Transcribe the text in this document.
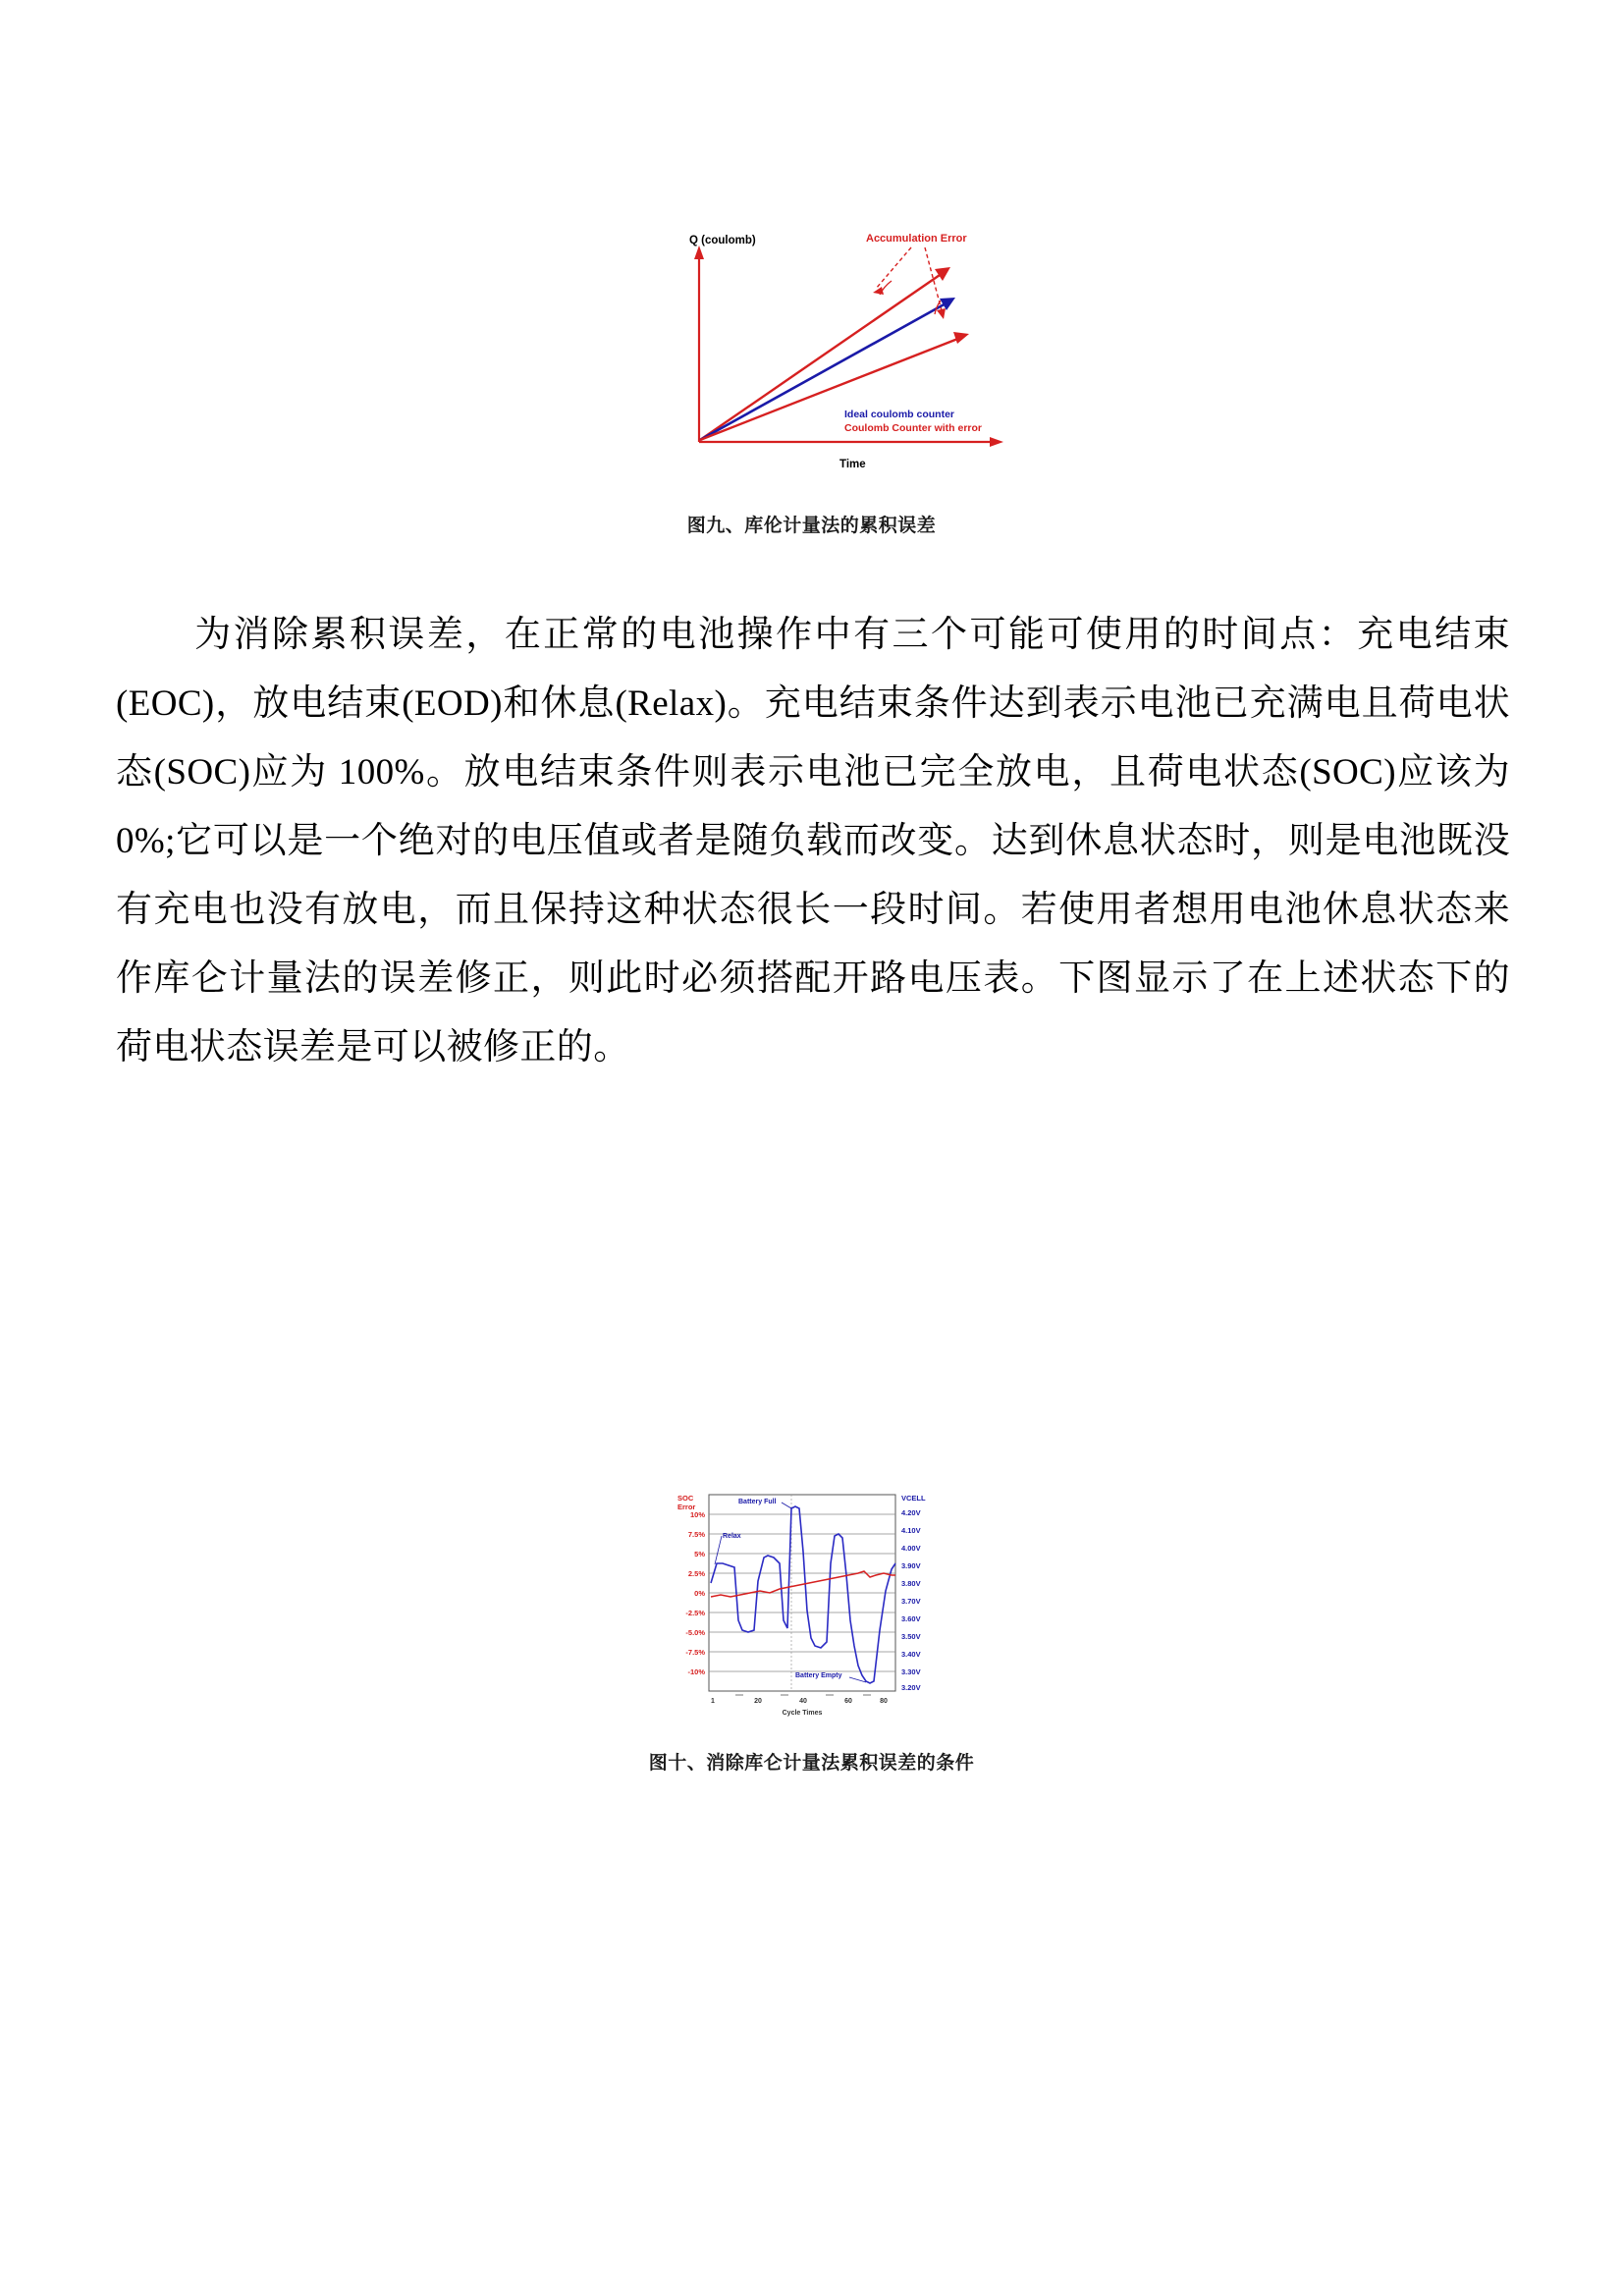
Accumulation Error
Q (coulomb)
Time
Ideal coulomb counter
Coulomb Counter with error
图九、库伦计量法的累积误差
为消除累积误差，在正常的电池操作中有三个可能可使用的时间点：充电结束(EOC)，放电结束(EOD)和休息(Relax)。充电结束条件达到表示电池已充满电且荷电状态(SOC)应为 100%。放电结束条件则表示电池已完全放电，且荷电状态(SOC)应该为 0%;它可以是一个绝对的电压值或者是随负载而改变。达到休息状态时，则是电池既没有充电也没有放电，而且保持这种状态很长一段时间。若使用者想用电池休息状态来作库仑计量法的误差修正，则此时必须搭配开路电压表。下图显示了在上述状态下的荷电状态误差是可以被修正的。
SOC
Error
10%
7.5%
5%
2.5%
0%
-2.5%
-5.0%
-7.5%
-10%
VCELL
4.20V
4.10V
4.00V
3.90V
3.80V
3.70V
3.60V
3.50V
3.40V
3.30V
3.20V
Battery Full
Relax
Battery Empty
1	20	40	60	80
Cycle Times
图十、消除库仑计量法累积误差的条件
